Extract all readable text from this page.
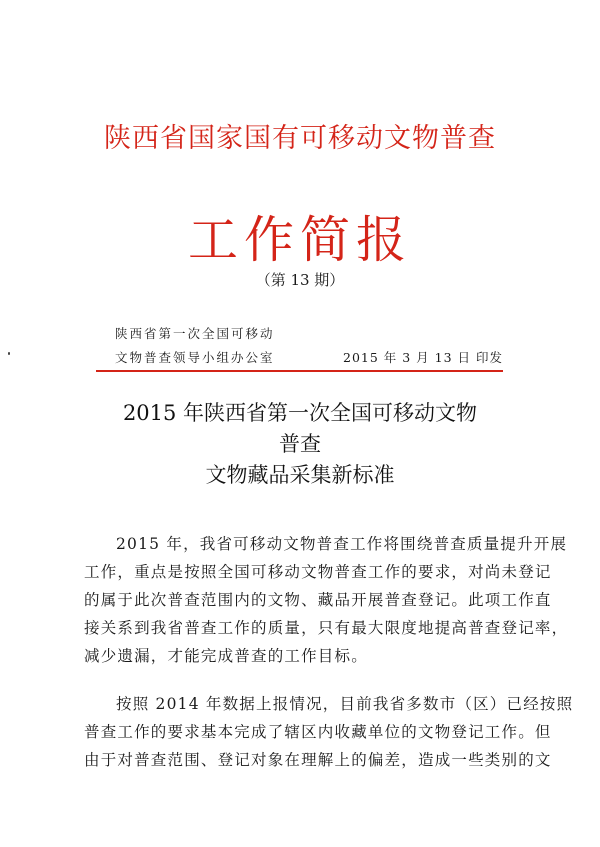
陕西省国家国有可移动文物普查
工作简报
（第 13 期）
陕西省第一次全国可移动
文物普查领导小组办公室	2015 年 3 月 13 日 印发
2015 年陕西省第一次全国可移动文物
普查
文物藏品采集新标准
2015 年，我省可移动文物普查工作将围绕普查质量提升开展
工作，重点是按照全国可移动文物普查工作的要求，对尚未登记
的属于此次普查范围内的文物、藏品开展普查登记。此项工作直
接关系到我省普查工作的质量，只有最大限度地提高普查登记率，
减少遗漏，才能完成普查的工作目标。
按照 2014 年数据上报情况，目前我省多数市（区）已经按照
普查工作的要求基本完成了辖区内收藏单位的文物登记工作。但
由于对普查范围、登记对象在理解上的偏差，造成一些类别的文
